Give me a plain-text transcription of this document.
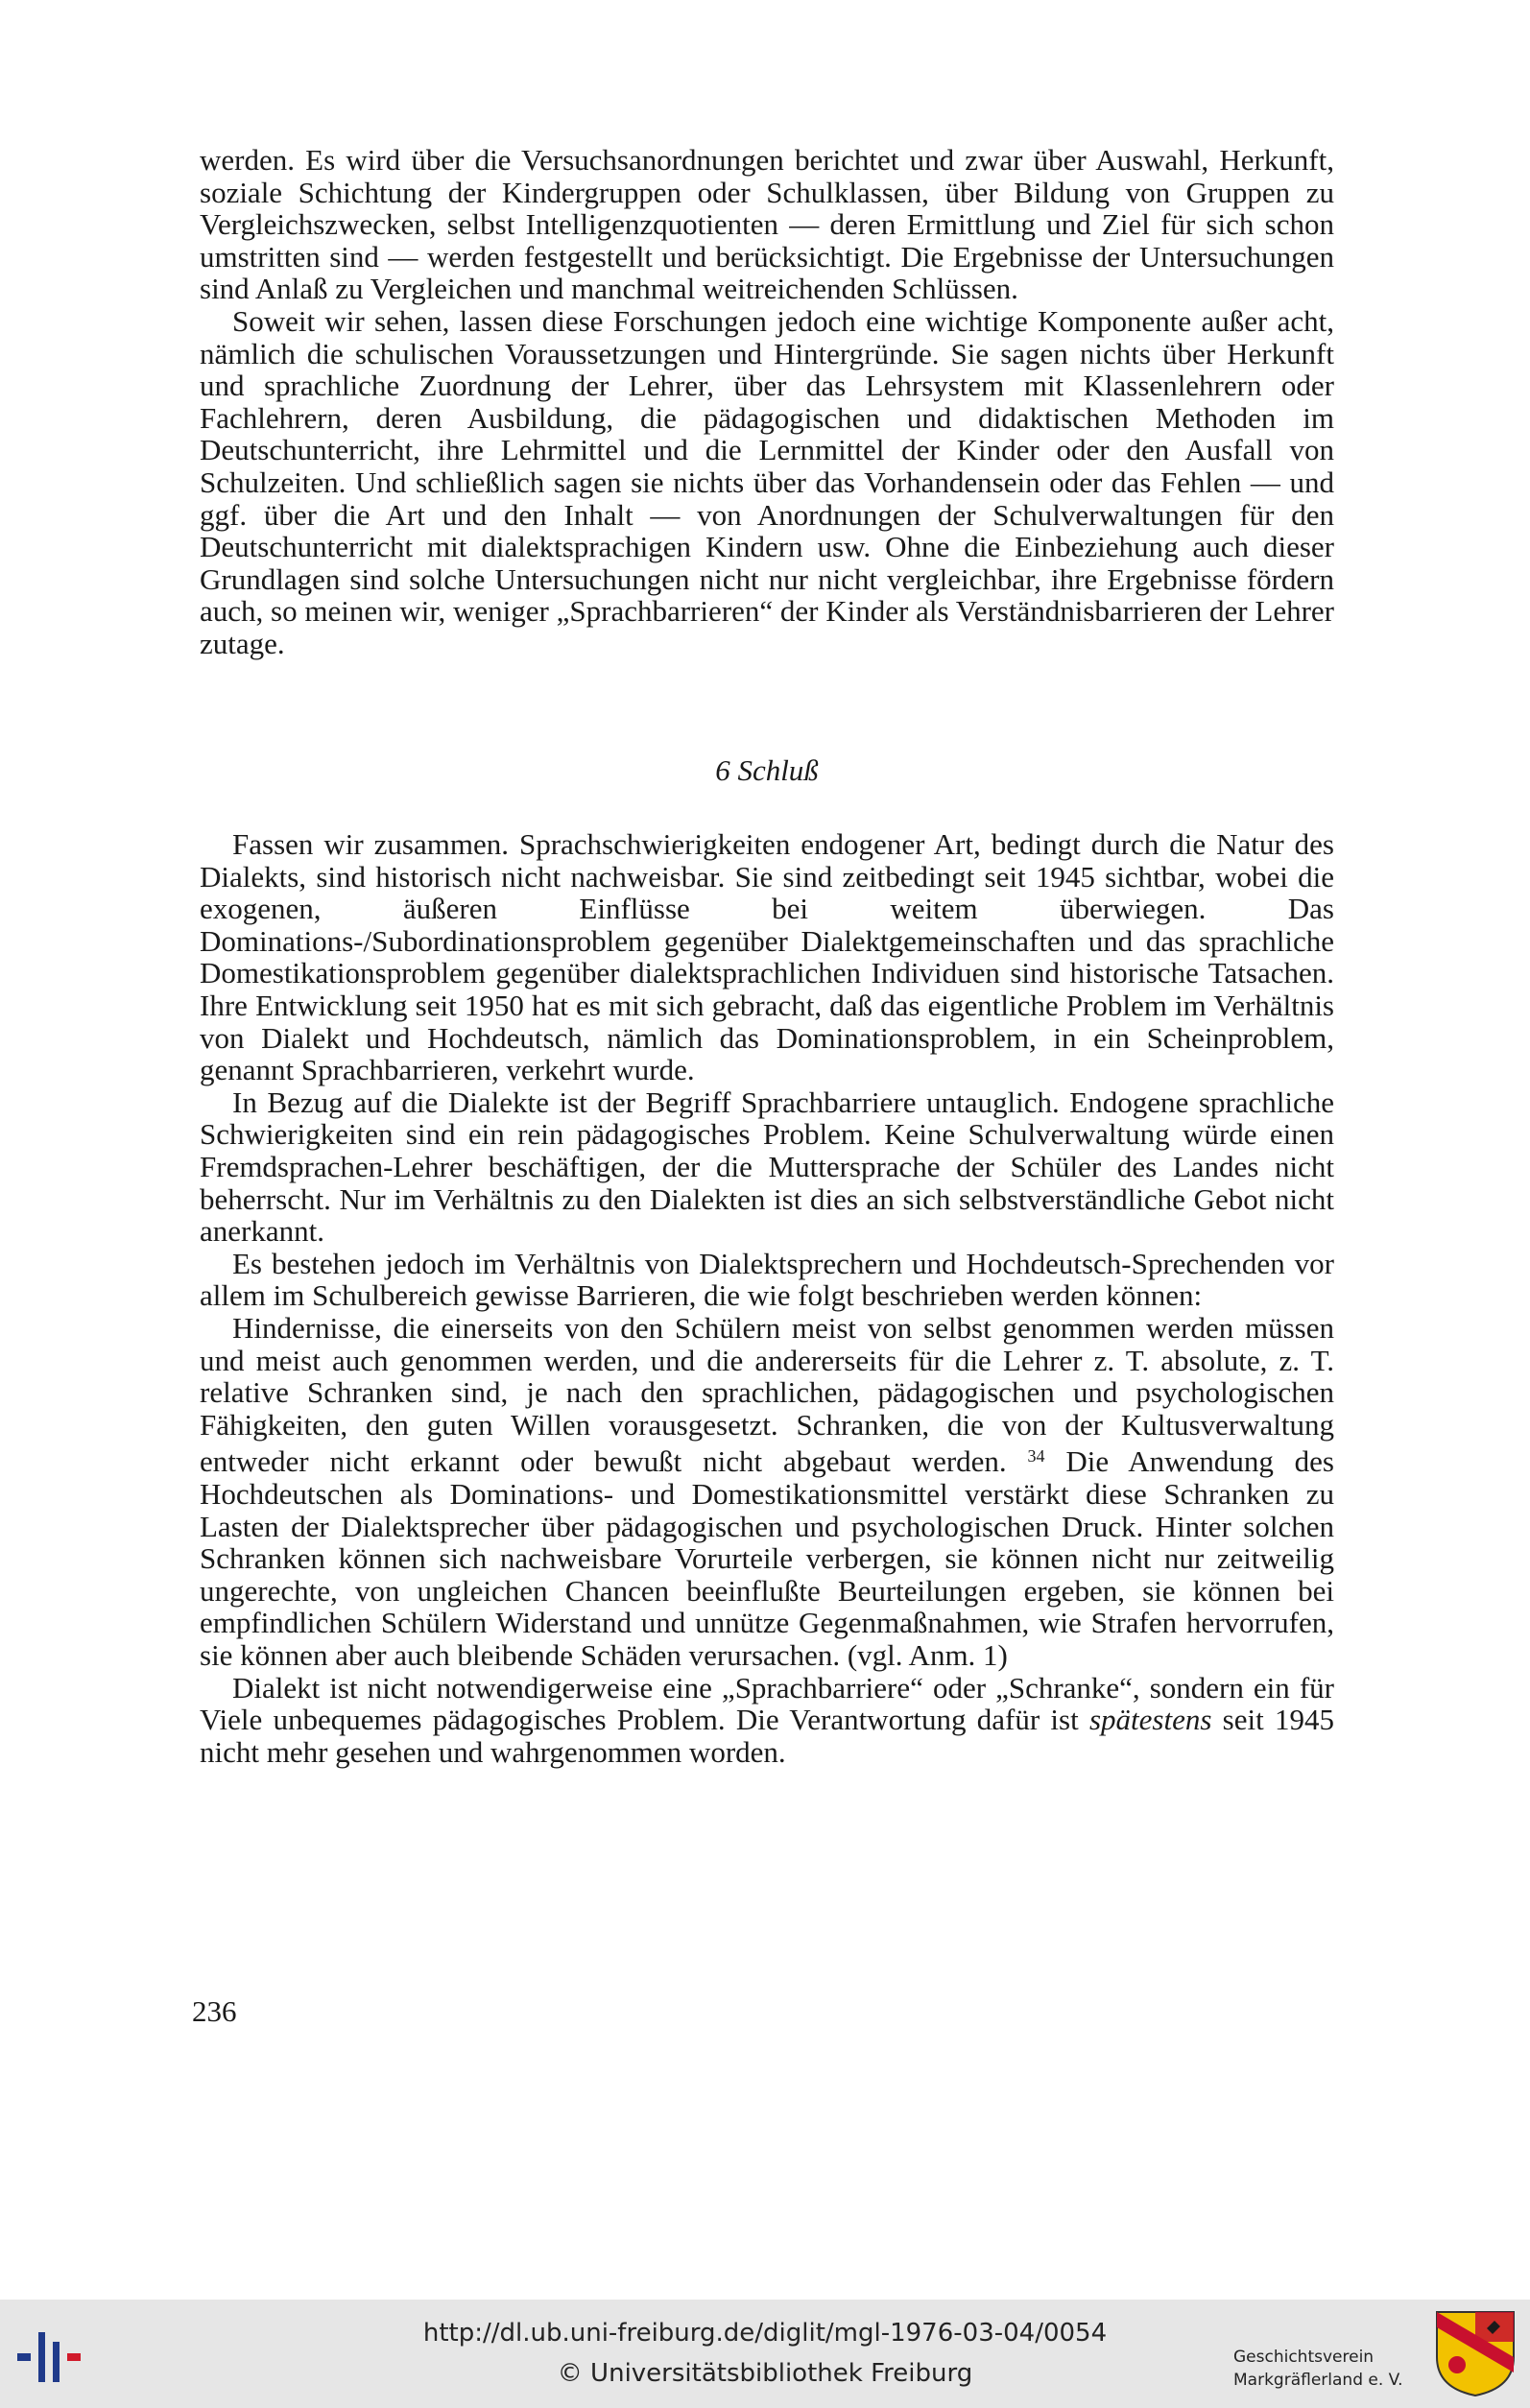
werden. Es wird über die Versuchsanordnungen berichtet und zwar über Auswahl, Herkunft, soziale Schichtung der Kindergruppen oder Schulklassen, über Bildung von Gruppen zu Vergleichszwecken, selbst Intelligenzquotienten — deren Ermittlung und Ziel für sich schon umstritten sind — werden festgestellt und berücksichtigt. Die Ergebnisse der Untersuchungen sind Anlaß zu Vergleichen und manchmal weitreichenden Schlüssen.

Soweit wir sehen, lassen diese Forschungen jedoch eine wichtige Komponente außer acht, nämlich die schulischen Voraussetzungen und Hintergründe. Sie sagen nichts über Herkunft und sprachliche Zuordnung der Lehrer, über das Lehrsystem mit Klassenlehrern oder Fachlehrern, deren Ausbildung, die pädagogischen und didaktischen Methoden im Deutschunterricht, ihre Lehrmittel und die Lernmittel der Kinder oder den Ausfall von Schulzeiten. Und schließlich sagen sie nichts über das Vorhandensein oder das Fehlen — und ggf. über die Art und den Inhalt — von Anordnungen der Schulverwaltungen für den Deutschunterricht mit dialektsprachigen Kindern usw. Ohne die Einbeziehung auch dieser Grundlagen sind solche Untersuchungen nicht nur nicht vergleichbar, ihre Ergebnisse fördern auch, so meinen wir, weniger „Sprachbarrieren“ der Kinder als Verständnisbarrieren der Lehrer zutage.

6 Schluß

Fassen wir zusammen. Sprachschwierigkeiten endogener Art, bedingt durch die Natur des Dialekts, sind historisch nicht nachweisbar. Sie sind zeitbedingt seit 1945 sichtbar, wobei die exogenen, äußeren Einflüsse bei weitem überwiegen. Das Dominations-/Subordinationsproblem gegenüber Dialektgemeinschaften und das sprachliche Domestikationsproblem gegenüber dialektsprachlichen Individuen sind historische Tatsachen. Ihre Entwicklung seit 1950 hat es mit sich gebracht, daß das eigentliche Problem im Verhältnis von Dialekt und Hochdeutsch, nämlich das Dominationsproblem, in ein Scheinproblem, genannt Sprachbarrieren, verkehrt wurde.

In Bezug auf die Dialekte ist der Begriff Sprachbarriere untauglich. Endogene sprachliche Schwierigkeiten sind ein rein pädagogisches Problem. Keine Schulverwaltung würde einen Fremdsprachen-Lehrer beschäftigen, der die Muttersprache der Schüler des Landes nicht beherrscht. Nur im Verhältnis zu den Dialekten ist dies an sich selbstverständliche Gebot nicht anerkannt.

Es bestehen jedoch im Verhältnis von Dialektsprechern und Hochdeutsch-Sprechenden vor allem im Schulbereich gewisse Barrieren, die wie folgt beschrieben werden können:

Hindernisse, die einerseits von den Schülern meist von selbst genommen werden müssen und meist auch genommen werden, und die andererseits für die Lehrer z. T. absolute, z. T. relative Schranken sind, je nach den sprachlichen, pädagogischen und psychologischen Fähigkeiten, den guten Willen vorausgesetzt. Schranken, die von der Kultusverwaltung entweder nicht erkannt oder bewußt nicht abgebaut werden. $^{34}$ Die Anwendung des Hochdeutschen als Dominations- und Domestikationsmittel verstärkt diese Schranken zu Lasten der Dialektsprecher über pädagogischen und psychologischen Druck. Hinter solchen Schranken können sich nachweisbare Vorurteile verbergen, sie können nicht nur zeitweilig ungerechte, von ungleichen Chancen beeinflußte Beurteilungen ergeben, sie können bei empfindlichen Schülern Widerstand und unnütze Gegenmaßnahmen, wie Strafen hervorrufen, sie können aber auch bleibende Schäden verursachen. (vgl. Anm. 1)

Dialekt ist nicht notwendigerweise eine „Sprachbarriere“ oder „Schranke“, sondern ein für Viele unbequemes pädagogisches Problem. Die Verantwortung dafür ist spätestens seit 1945 nicht mehr gesehen und wahrgenommen worden.

236
http://dl.ub.uni-freiburg.de/diglit/mgl-1976-03-04/0054
© Universitätsbibliothek Freiburg
Geschichtsverein
Markgräflerland e. V.
